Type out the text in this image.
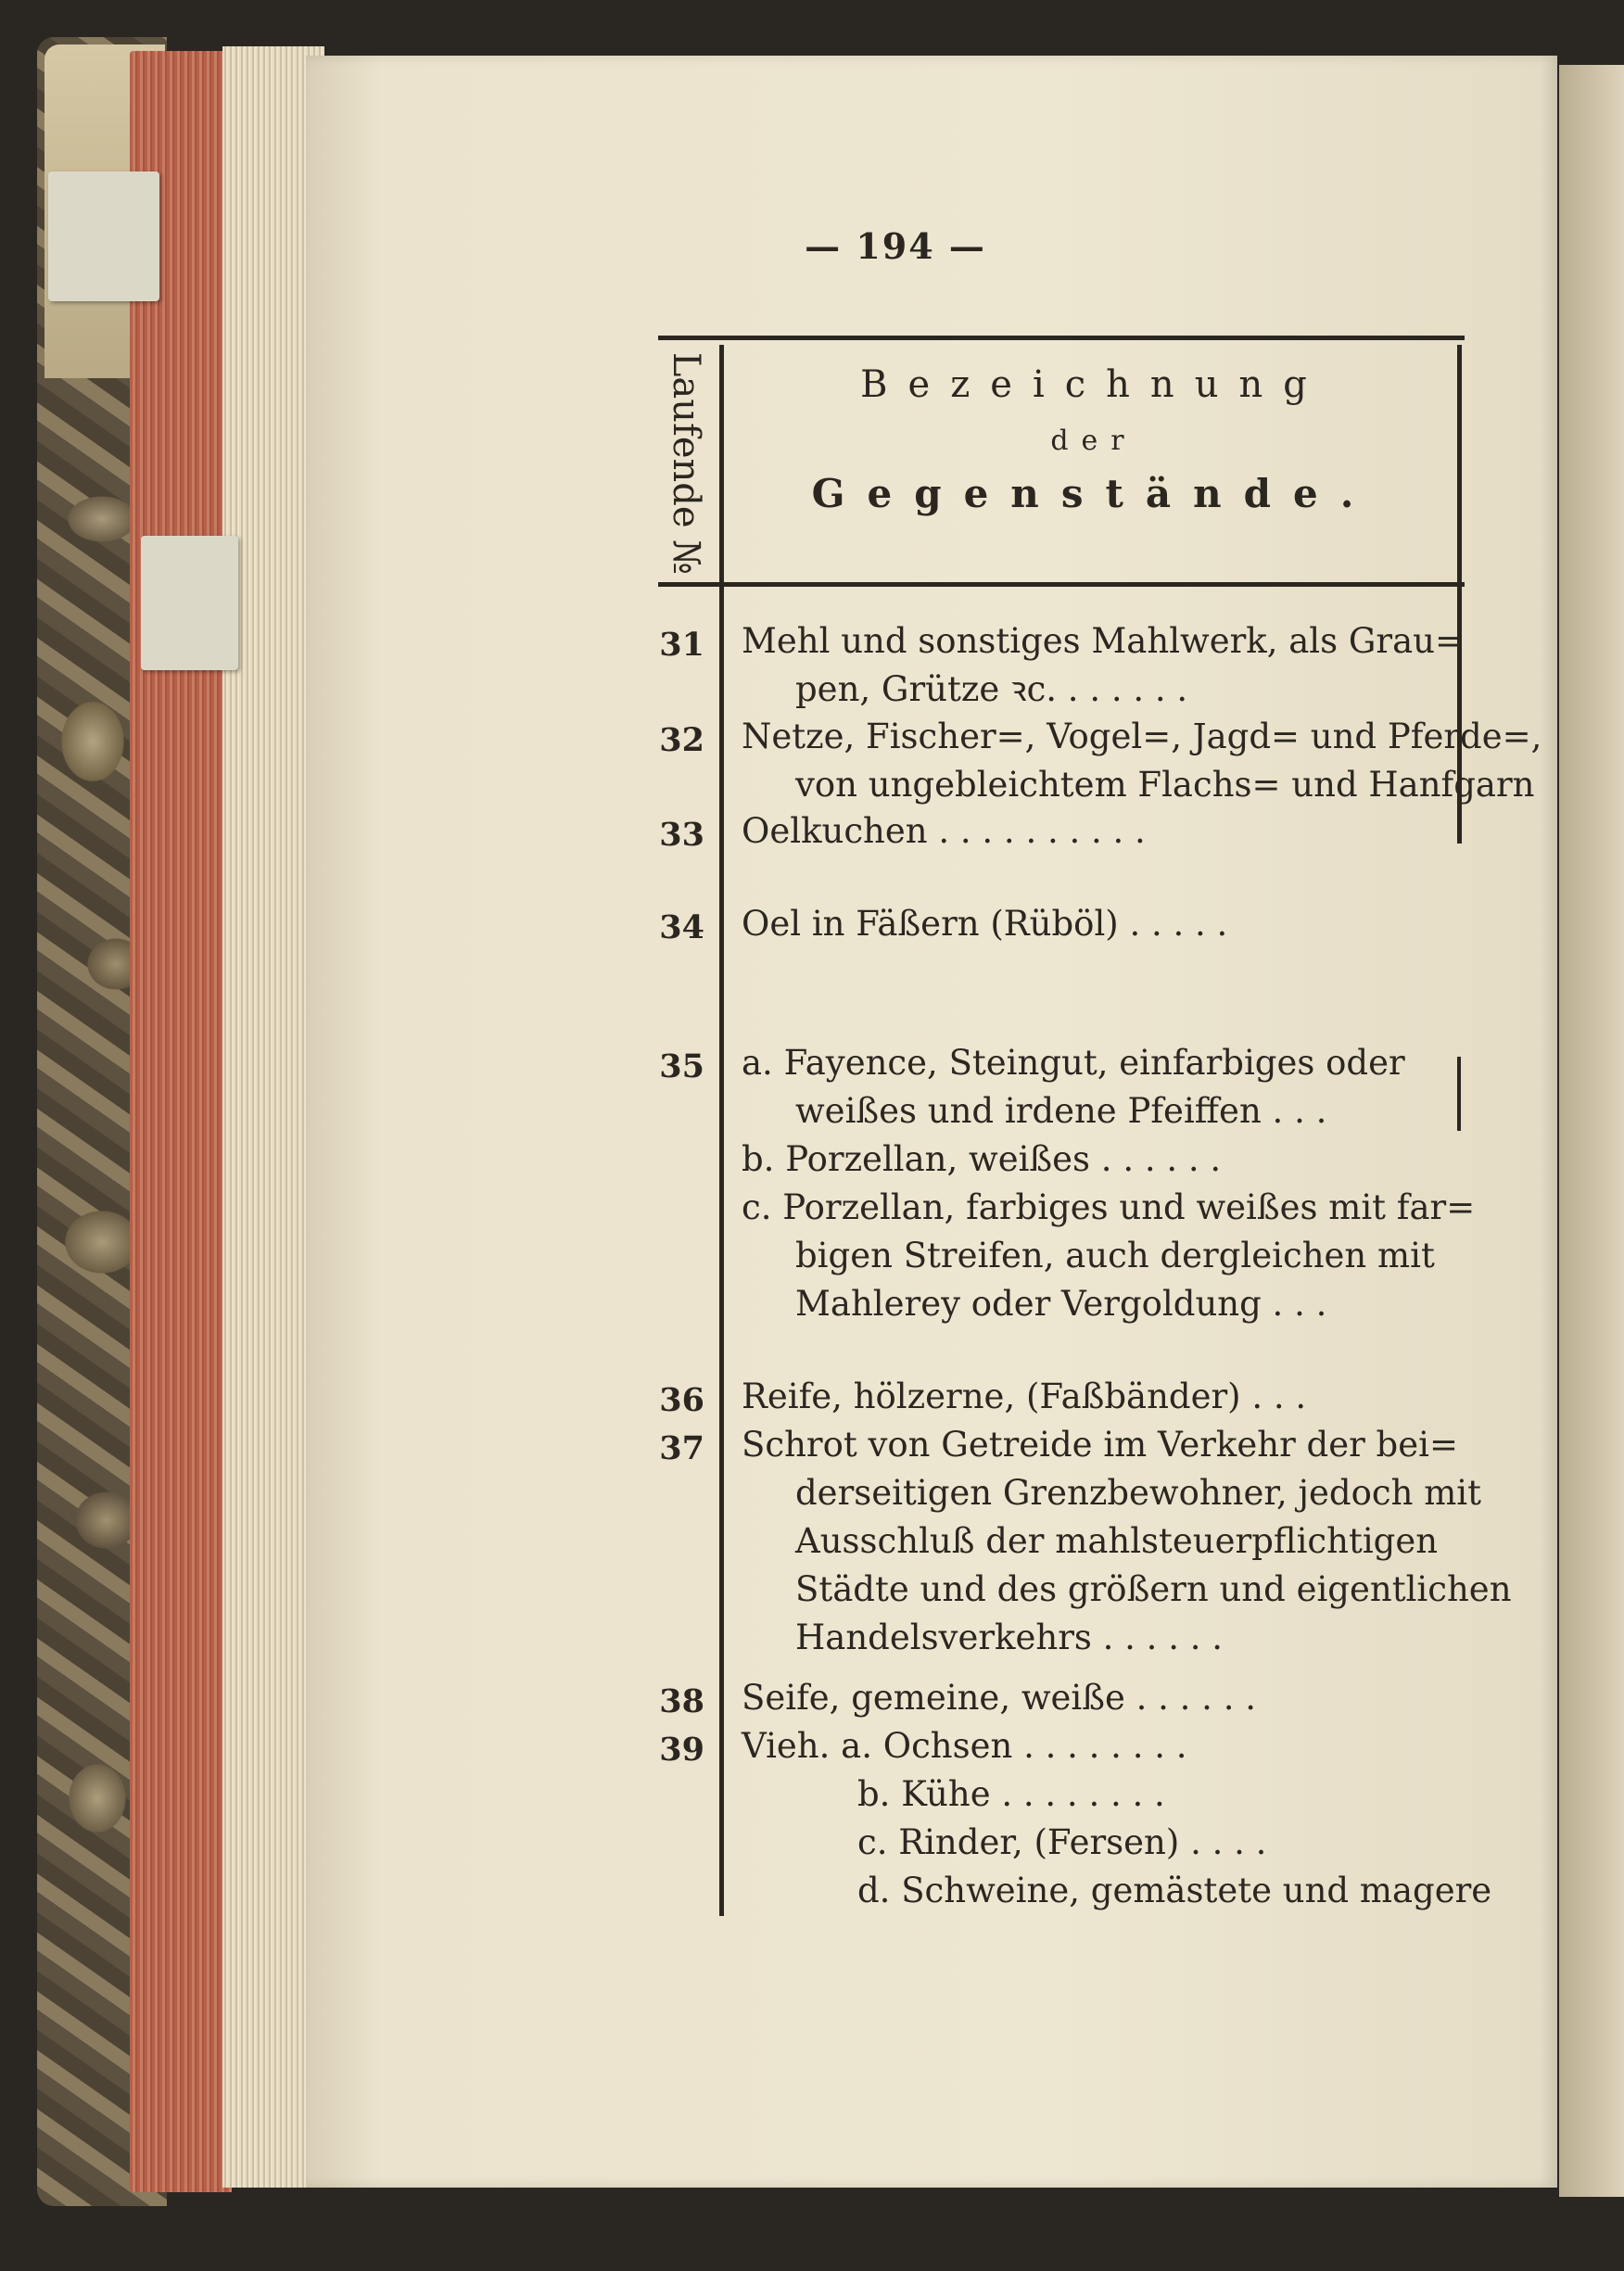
— 194 —
Laufende №	Bezeichnung
der
Gegenstände.
31 Mehl und sonstiges Mahlwerk, als Grau=
pen, Grütze ꝛc. . . . . . .
32 Netze, Fischer=, Vogel=, Jagd= und Pferde=,
von ungebleichtem Flachs= und Hanfgarn
33 Oelkuchen . . . . . . . . . .
34 Oel in Fäßern (Rüböl) . . . . .
35 a. Fayence, Steingut, einfarbiges oder
weißes und irdene Pfeiffen . . .
b. Porzellan, weißes . . . . . .
c. Porzellan, farbiges und weißes mit far=
bigen Streifen, auch dergleichen mit
Mahlerey oder Vergoldung . . .
36 Reife, hölzerne, (Faßbänder) . . .
37 Schrot von Getreide im Verkehr der bei=
derseitigen Grenzbewohner, jedoch mit
Ausschluß der mahlsteuerpflichtigen
Städte und des größern und eigentlichen
Handelsverkehrs . . . . . .
38 Seife, gemeine, weiße . . . . . .
39 Vieh. a. Ochsen . . . . . . . .
b. Kühe . . . . . . . .
c. Rinder, (Fersen) . . . .
d. Schweine, gemästete und magere
